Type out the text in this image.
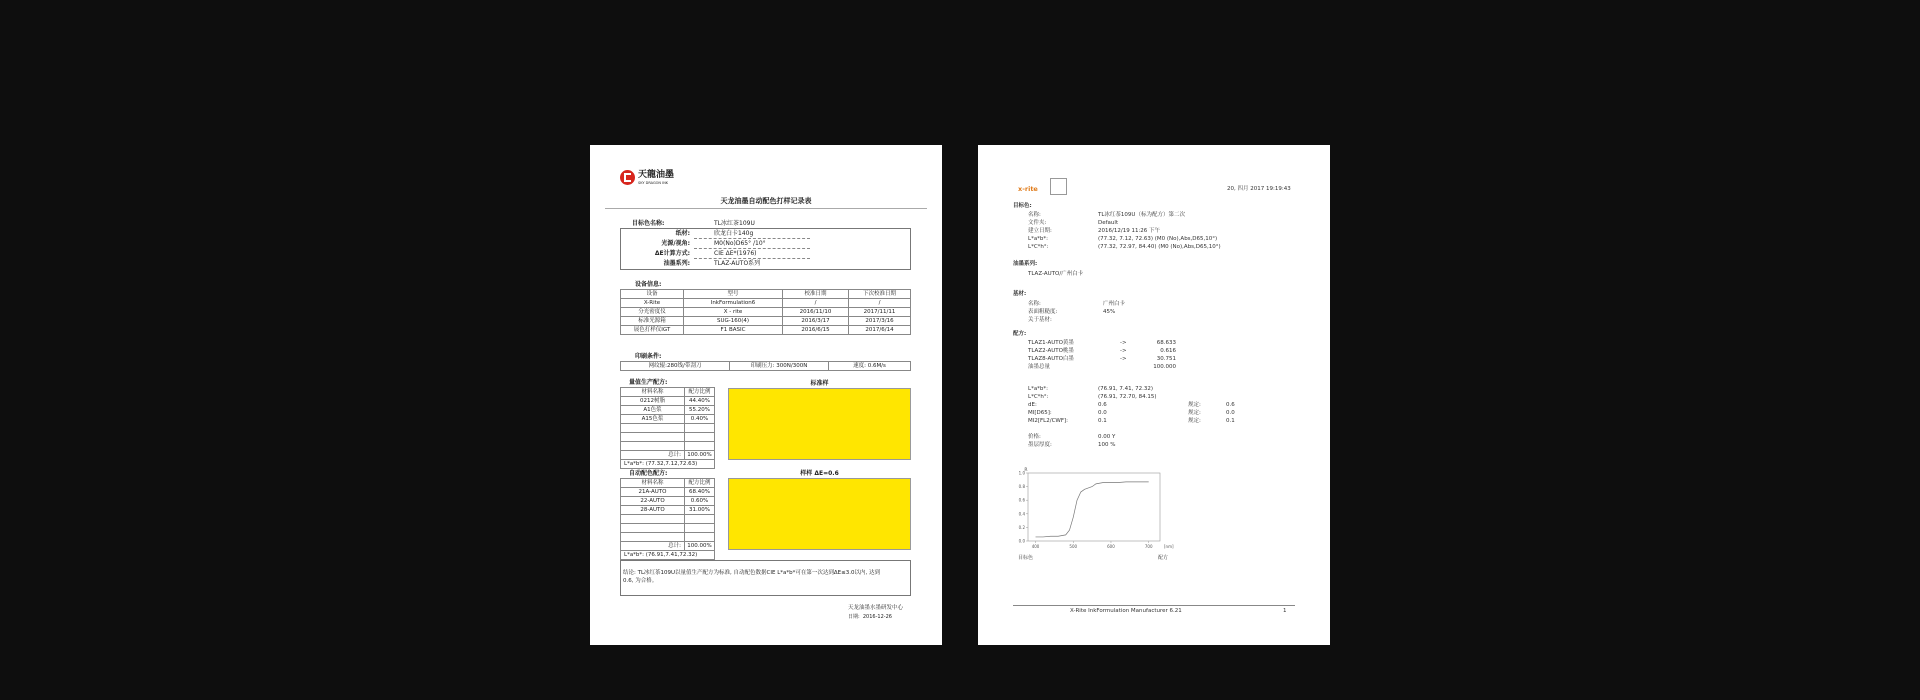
天龍油墨
SKY DRAGON INK
天龙油墨自动配色打样记录表
目标色名称:	TL冰红茶109U
纸材:	欣龙白卡140g
光源/视角:	M0(No)D65° /10°
ΔE计算方式:	CIE ΔE*(1976)
油墨系列:	TLAZ-AUTO系列
设备信息:
设备	型号	校准日期	下次校准日期
X-Rite	InkFormulation6	/	/
分光密度仪	X - rite	2016/11/10	2017/11/11
标准光源箱	SUG-160(4)	2016/3/17	2017/3/16
展色打样仪IGT	F1 BASIC	2016/6/15	2017/6/14
印刷条件:
网纹辊:280线/带刮刀	印刷压力: 300N/300N	速度: 0.6M/s
量值生产配方:
材料名称	配方比例
0212树脂	44.40%
A1色浆	55.20%
A15色浆	0.40%

总计:	100.00%
L*a*b*: (77.32,7.12,72.63)	
标准样
自动配色配方:
材料名称	配方比例
21A-AUTO	68.40%
22-AUTO	0.60%
28-AUTO	31.00%

总计:	100.00%
L*a*b*: (76.91,7.41,72.32)	
样样 ΔE=0.6
结论: TL冰红茶109U以量值生产配方为标准, 自动配色数据CIE L*a*b*可在第一次达到ΔE≤3.0以内, 达到
0.6, 为合格。
天龙油墨水墨研发中心
日期: 2016-12-26
x-rite	20, 四月 2017 19:19:43
目标色:
名称:	TL冰红茶109U（标为配方）第二次
文件夹:	Default
建立日期:	2016/12/19 11:26 下午
L*a*b*:	(77.32, 7.12, 72.63) (M0 (No),Abs,D65,10°)
L*C*h°:	(77.32, 72.97, 84.40) (M0 (No),Abs,D65,10°)
油墨系列:
TLAZ-AUTO/广州白卡
基材:
名称:	广州白卡
表面粗糙度:	45%
关于基材:
配方:
TLAZ1-AUTO黄墨	->	68.633
TLAZ2-AUTO桃墨	->	0.616
TLAZ8-AUTO白墨	->	30.751
油墨总量	100.000
L*a*b*:	(76.91, 7.41, 72.32)
L*C*h°:	(76.91, 72.70, 84.15)
dE:	0.6	规定:	0.6
MI[D65]:	0.0	规定:	0.0
MI2[FL2/CWF]:	0.1	规定:	0.1
价格:	0.00 Y
墨层厚度:	100 %
R
1.0
0.8
0.6
0.4
0.2
0.0
400	500	600	700	[nm]
目标色	配方
X-Rite InkFormulation Manufacturer 6.21	1
